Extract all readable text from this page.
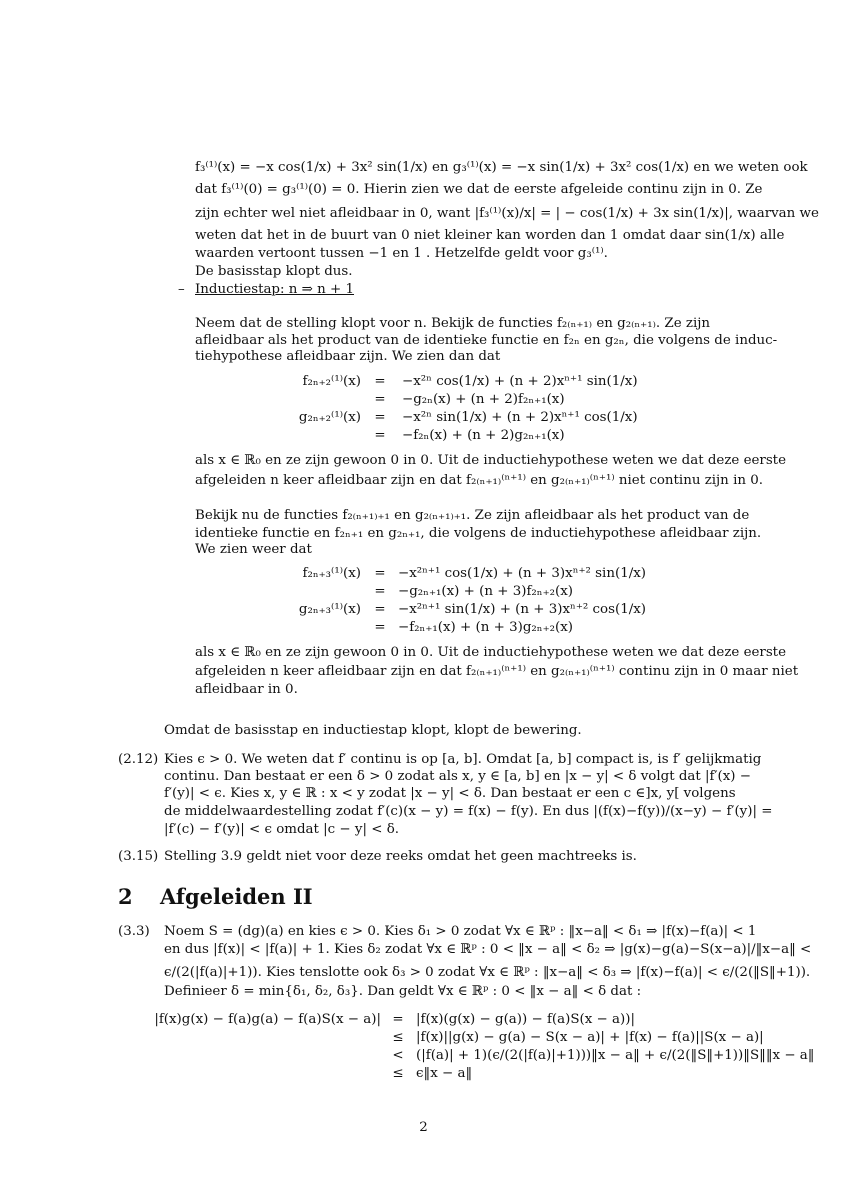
f₃⁽¹⁾(x) = −x cos(1/x) + 3x² sin(1/x) en g₃⁽¹⁾(x) = −x sin(1/x) + 3x² cos(1/x) en we weten ook
dat f₃⁽¹⁾(0) = g₃⁽¹⁾(0) = 0. Hierin zien we dat de eerste afgeleide continu zijn in 0. Ze
zijn echter wel niet afleidbaar in 0, want |f₃⁽¹⁾(x)/x| = | − cos(1/x) + 3x sin(1/x)|, waarvan we
weten dat het in de buurt van 0 niet kleiner kan worden dan 1 omdat daar sin(1/x) alle
waarden vertoont tussen −1 en 1 . Hetzelfde geldt voor g₃⁽¹⁾.
De basisstap klopt dus.
– Inductiestap: n ⇒ n + 1
Neem dat de stelling klopt voor n. Bekijk de functies f₂₍ₙ₊₁₎ en g₂₍ₙ₊₁₎. Ze zijn
afleidbaar als het product van de identieke functie en f₂ₙ en g₂ₙ, die volgens de induc-
tiehypothese afleidbaar zijn. We zien dan dat
f₂ₙ₊₂⁽¹⁾(x) =	−x²ⁿ cos(1/x) + (n + 2)xⁿ⁺¹ sin(1/x)
=	−g₂ₙ(x) + (n + 2)f₂ₙ₊₁(x)
g₂ₙ₊₂⁽¹⁾(x) =	−x²ⁿ sin(1/x) + (n + 2)xⁿ⁺¹ cos(1/x)
=	−f₂ₙ(x) + (n + 2)g₂ₙ₊₁(x)
als x ∈ ℝ₀ en ze zijn gewoon 0 in 0. Uit de inductiehypothese weten we dat deze eerste
afgeleiden n keer afleidbaar zijn en dat f₂₍ₙ₊₁₎⁽ⁿ⁺¹⁾ en g₂₍ₙ₊₁₎⁽ⁿ⁺¹⁾ niet continu zijn in 0.
Bekijk nu de functies f₂₍ₙ₊₁₎₊₁ en g₂₍ₙ₊₁₎₊₁. Ze zijn afleidbaar als het product van de
identieke functie en f₂ₙ₊₁ en g₂ₙ₊₁, die volgens de inductiehypothese afleidbaar zijn.
We zien weer dat
f₂ₙ₊₃⁽¹⁾(x) = −x²ⁿ⁺¹ cos(1/x) + (n + 3)xⁿ⁺² sin(1/x)
= −g₂ₙ₊₁(x) + (n + 3)f₂ₙ₊₂(x)
g₂ₙ₊₃⁽¹⁾(x) = −x²ⁿ⁺¹ sin(1/x) + (n + 3)xⁿ⁺² cos(1/x)
= −f₂ₙ₊₁(x) + (n + 3)g₂ₙ₊₂(x)
als x ∈ ℝ₀ en ze zijn gewoon 0 in 0. Uit de inductiehypothese weten we dat deze eerste
afgeleiden n keer afleidbaar zijn en dat f₂₍ₙ₊₁₎⁽ⁿ⁺¹⁾ en g₂₍ₙ₊₁₎⁽ⁿ⁺¹⁾ continu zijn in 0 maar niet
afleidbaar in 0.
Omdat de basisstap en inductiestap klopt, klopt de bewering.
(2.12) Kies ϵ > 0. We weten dat f′ continu is op [a, b]. Omdat [a, b] compact is, is f′ gelijkmatig
continu. Dan bestaat er een δ > 0 zodat als x, y ∈ [a, b] en |x − y| < δ volgt dat |f′(x) −
f′(y)| < ϵ. Kies x, y ∈ ℝ : x < y zodat |x − y| < δ. Dan bestaat er een c ∈]x, y[ volgens
de middelwaardestelling zodat f′(c)(x − y) = f(x) − f(y). En dus |(f(x)−f(y))/(x−y) − f′(y)| =
|f′(c) − f′(y)| < ϵ omdat |c − y| < δ.
(3.15) Stelling 3.9 geldt niet voor deze reeks omdat het geen machtreeks is.
2 Afgeleiden II
(3.3) Noem S = (dg)(a) en kies ϵ > 0. Kies δ₁ > 0 zodat ∀x ∈ ℝᵖ : ‖x−a‖ < δ₁ ⇒ |f(x)−f(a)| < 1
en dus |f(x)| < |f(a)| + 1. Kies δ₂ zodat ∀x ∈ ℝᵖ : 0 < ‖x − a‖ < δ₂ ⇒ |g(x)−g(a)−S(x−a)|/‖x−a‖ <
ϵ/(2(|f(a)|+1)). Kies tenslotte ook δ₃ > 0 zodat ∀x ∈ ℝᵖ : ‖x−a‖ < δ₃ ⇒ |f(x)−f(a)| < ϵ/(2(‖S‖+1)).
Definieer δ = min{δ₁, δ₂, δ₃}. Dan geldt ∀x ∈ ℝᵖ : 0 < ‖x − a‖ < δ dat :
|f(x)g(x) − f(a)g(a) − f(a)S(x − a)| = |f(x)(g(x) − g(a)) − f(a)S(x − a))|
≤ |f(x)||g(x) − g(a) − S(x − a)| + |f(x) − f(a)||S(x − a)|
< (|f(a)| + 1)(ϵ/(2(|f(a)|+1)))‖x − a‖ + ϵ/(2(‖S‖+1))‖S‖‖x − a‖
≤ ϵ‖x − a‖
2
